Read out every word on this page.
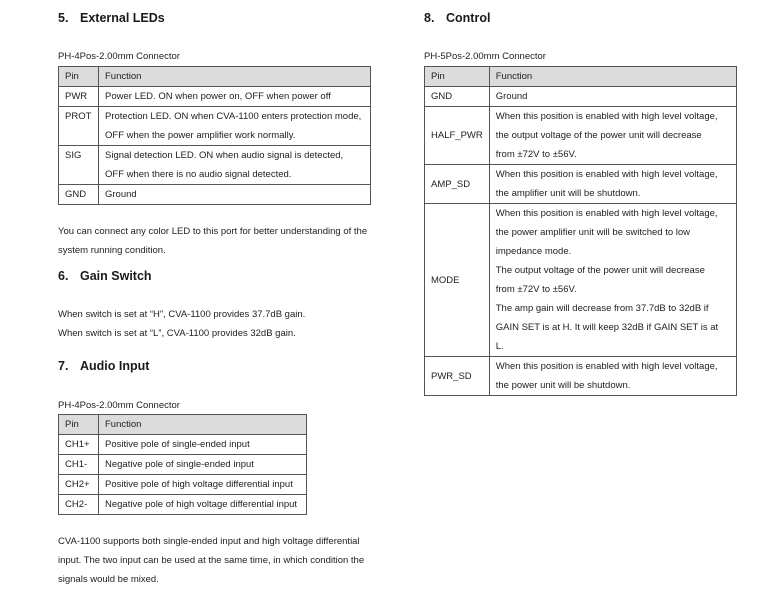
5. External LEDs
PH-4Pos-2.00mm Connector
Pin	Function
PWR	Power LED. ON when power on, OFF when power off

PROT	Protection LED. ON when CVA-1100 enters protection mode,
OFF when the power amplifier work normally.

SIG	Signal detection LED. ON when audio signal is detected,
OFF when there is no audio signal detected.

GND	Ground

You can connect any color LED to this port for better understanding of the

system running condition.

6. Gain Switch

When switch is set at “H”, CVA-1100 provides 37.7dB gain.

When switch is set at “L”, CVA-1100 provides 32dB gain.

7. Audio Input
PH-4Pos-2.00mm Connector
Pin	Function
CH1+	Positive pole of single-ended input

CH1-	Negative pole of single-ended input

CH2+	Positive pole of high voltage differential input

CH2-	Negative pole of high voltage differential input

CVA-1100 supports both single-ended input and high voltage differential

input. The two input can be used at the same time, in which condition the

signals would be mixed.

8. Control
PH-5Pos-2.00mm Connector
Pin	Function
GND	Ground

HALF_PWR	When this position is enabled with high level voltage,
the output voltage of the power unit will decrease
from ±72V to ±56V.

AMP_SD	When this position is enabled with high level voltage,
the amplifier unit will be shutdown.

MODE	
When this position is enabled with high level voltage,
the power amplifier unit will be switched to low
impedance mode.
The output voltage of the power unit will decrease
from ±72V to ±56V.
The amp gain will decrease from 37.7dB to 32dB if
GAIN SET is at H. It will keep 32dB if GAIN SET is at
L.

PWR_SD	When this position is enabled with high level voltage,
the power unit will be shutdown.
